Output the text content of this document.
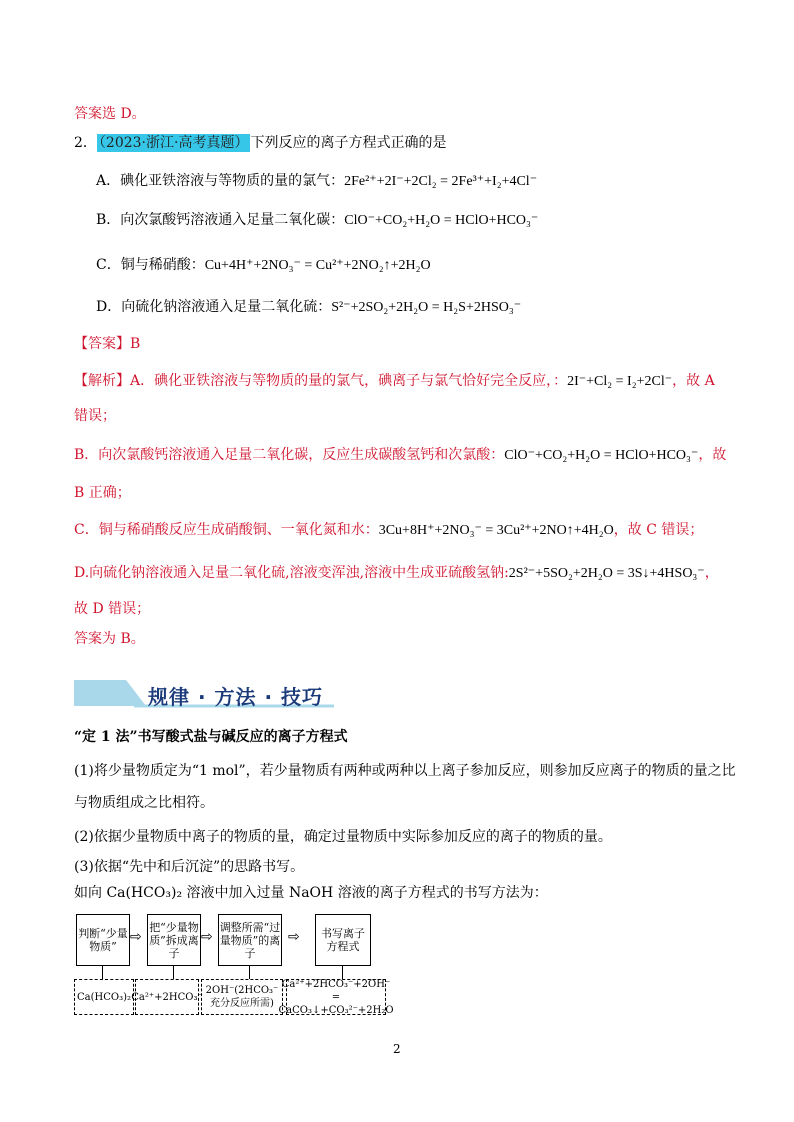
答案选 D。
2． （2023·浙江·高考真题） 下列反应的离子方程式正确的是
A．碘化亚铁溶液与等物质的量的氯气：2Fe²⁺+2I⁻+2Cl₂ = 2Fe³⁺+I₂+4Cl⁻
B．向次氯酸钙溶液通入足量二氧化碳：ClO⁻+CO₂+H₂O = HClO+HCO₃⁻
C．铜与稀硝酸：Cu+4H⁺+2NO₃⁻ = Cu²⁺+2NO₂↑+2H₂O
D．向硫化钠溶液通入足量二氧化硫：S²⁻+2SO₂+2H₂O = H₂S+2HSO₃⁻
【答案】B
【解析】A．碘化亚铁溶液与等物质的量的氯气，碘离子与氯气恰好完全反应，：2I⁻+Cl₂ = I₂+2Cl⁻，故 A
错误；
B．向次氯酸钙溶液通入足量二氧化碳，反应生成碳酸氢钙和次氯酸：ClO⁻+CO₂+H₂O = HClO+HCO₃⁻，故
B 正确；
C．铜与稀硝酸反应生成硝酸铜、一氧化氮和水：3Cu+8H⁺+2NO₃⁻ = 3Cu²⁺+2NO↑+4H₂O，故 C 错误；
D.向硫化钠溶液通入足量二氧化硫,溶液变浑浊,溶液中生成亚硫酸氢钠:2S²⁻+5SO₂+2H₂O = 3S↓+4HSO₃⁻，
故 D 错误；
答案为 B。
规律 · 方法 · 技巧
“定 1 法”书写酸式盐与碱反应的离子方程式
(1)将少量物质定为“1 mol”，若少量物质有两种或两种以上离子参加反应，则参加反应离子的物质的量之比
与物质组成之比相符。
(2)依据少量物质中离子的物质的量，确定过量物质中实际参加反应的离子的物质的量。
(3)依据“先中和后沉淀”的思路书写。
如向 Ca(HCO₃)₂ 溶液中加入过量 NaOH 溶液的离子方程式的书写方法为：
判断“少量物质”
⇨
把“少量物质”拆成离子
⇨
调整所需“过量物质”的离子
⇨	书写离子方程式
Ca(HCO₃)₂ Ca²⁺+2HCO₃⁻
2OH⁻(2HCO₃⁻充分反应所需)
Ca²⁺+2HCO₃⁻+2OH⁻ = CaCO₃↓+CO₃²⁻+2H₂O
2
